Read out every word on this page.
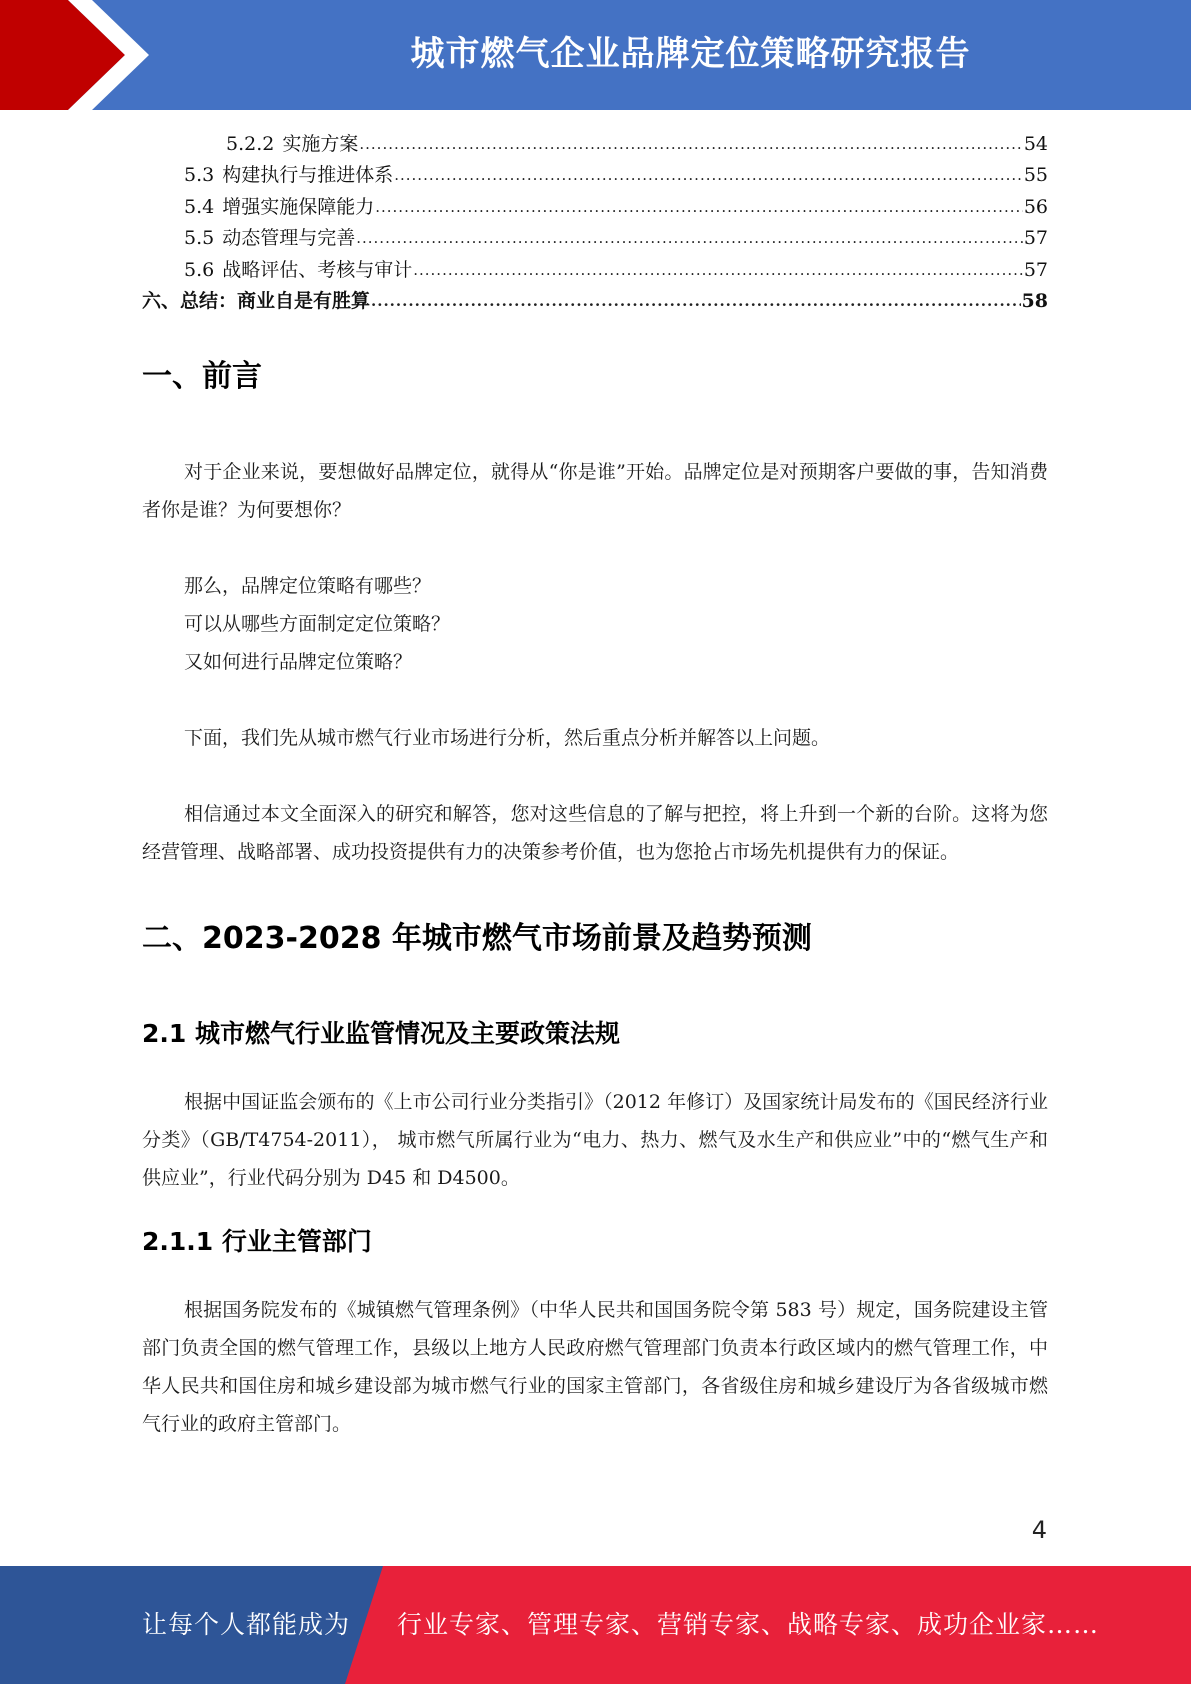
城市燃气企业品牌定位策略研究报告
5.2.2 实施方案 .....	54
5.3 构建执行与推进体系 .....	55
5.4 增强实施保障能力 .....	56
5.5 动态管理与完善 .....	57
5.6 战略评估、考核与审计 .....	57
六、总结：商业自是有胜算 .....	58
一、前言

对于企业来说，要想做好品牌定位，就得从“你是谁”开始。品牌定位是对预期客户要做的事，告知消费者你是谁？为何要想你？

那么，品牌定位策略有哪些？
可以从哪些方面制定定位策略？
又如何进行品牌定位策略？

下面，我们先从城市燃气行业市场进行分析，然后重点分析并解答以上问题。

相信通过本文全面深入的研究和解答，您对这些信息的了解与把控，将上升到一个新的台阶。这将为您经营管理、战略部署、成功投资提供有力的决策参考价值，也为您抢占市场先机提供有力的保证。

二、2023-2028 年城市燃气市场前景及趋势预测
2.1 城市燃气行业监管情况及主要政策法规

根据中国证监会颁布的《上市公司行业分类指引》（2012 年修订）及国家统计局发布的《国民经济行业分类》（GB/T4754-2011）， 城市燃气所属行业为“电力、热力、燃气及水生产和供应业”中的“燃气生产和供应业”，行业代码分别为 D45 和 D4500。

2.1.1 行业主管部门

根据国务院发布的《城镇燃气管理条例》（中华人民共和国国务院令第 583 号）规定，国务院建设主管部门负责全国的燃气管理工作，县级以上地方人民政府燃气管理部门负责本行政区域内的燃气管理工作，中华人民共和国住房和城乡建设部为城市燃气行业的国家主管部门，各省级住房和城乡建设厅为各省级城市燃气行业的政府主管部门。

4
让每个人都能成为 行业专家、管理专家、营销专家、战略专家、成功企业家……
